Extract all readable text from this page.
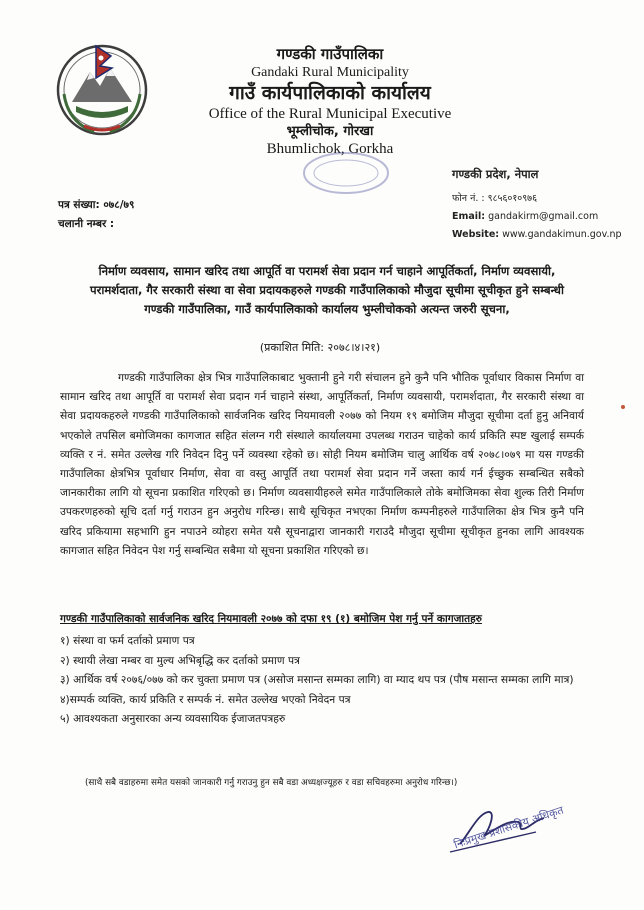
गण्डकी गाउँपालिका
Gandaki Rural Municipality
गाउँ कार्यपालिकाको कार्यालय
Office of the Rural Municipal Executive
भूम्लीचोक, गोरखा
Bhumlichok, Gorkha
गण्डकी प्रदेश, नेपाल
फोन नं. : ९८५६०१०९७६
Email: gandakirm@gmail.com
Website: www.gandakimun.gov.np
पत्र संख्या: ०७८/७९
चलानी नम्बर :
निर्माण व्यवसाय, सामान खरिद तथा आपूर्ति वा परामर्श सेवा प्रदान गर्न चाहाने आपूर्तिकर्ता, निर्माण व्यवसायी, परामर्शदाता, गैर सरकारी संस्था वा सेवा प्रदायकहरुले गण्डकी गाउँपालिकाको मौजुदा सूचीमा सूचीकृत हुने सम्बन्धी गण्डकी गाउँपालिका, गाउँ कार्यपालिकाको कार्यालय भुम्लीचोकको अत्यन्त जरुरी सूचना,
(प्रकाशित मिति: २०७८।४।२१)

गण्डकी गाउँपालिका क्षेत्र भित्र गाउँपालिकाबाट भुक्तानी हुने गरी संचालन हुने कुनै पनि भौतिक पूर्वाधार विकास निर्माण वा सामान खरिद तथा आपूर्ति वा परामर्श सेवा प्रदान गर्न चाहाने संस्था, आपूर्तिकर्ता, निर्माण व्यवसायी, परामर्शदाता, गैर सरकारी संस्था वा सेवा प्रदायकहरुले गण्डकी गाउँपालिकाको सार्वजनिक खरिद नियमावली २०७७ को नियम १९ बमोजिम मौजुदा सूचीमा दर्ता हुनु अनिवार्य भएकोले तपसिल बमोजिमका कागजात सहित संलग्न गरी संस्थाले कार्यालयमा उपलब्ध गराउन चाहेको कार्य प्रकिति स्पष्ट खुलाई सम्पर्क व्यक्ति र नं. समेत उल्लेख गरि निवेदन दिनु पर्ने व्यवस्था रहेको छ। सोही नियम बमोजिम चालु आर्थिक वर्ष २०७८।०७९ मा यस गण्डकी गाउँपालिका क्षेत्रभित्र पूर्वाधार निर्माण, सेवा वा वस्तु आपूर्ति तथा परामर्श सेवा प्रदान गर्ने जस्ता कार्य गर्न ईच्छुक सम्बन्धित सबैको जानकारीका लागि यो सूचना प्रकाशित गरिएको छ। निर्माण व्यवसायीहरुले समेत गाउँपालिकाले तोके बमोजिमका सेवा शुल्क तिरी निर्माण उपकरणहरुको सूचि दर्ता गर्नु गराउन हुन अनुरोध गरिन्छ। साथै सूचिकृत नभएका निर्माण कम्पनीहरुले गाउँपालिका क्षेत्र भित्र कुनै पनि खरिद प्रकियामा सहभागि हुन नपाउने व्योहरा समेत यसै सूचनाद्वारा जानकारी गराउदै मौजुदा सूचीमा सूचीकृत हुनका लागि आवश्यक कागजात सहित निवेदन पेश गर्नु सम्बन्धित सबैमा यो सूचना प्रकाशित गरिएको छ।

गण्डकी गाउँपालिकाको सार्वजनिक खरिद नियमावली २०७७ को दफा १९ (१) बमोजिम पेश गर्नु पर्ने कागजातहरु
१) संस्था वा फर्म दर्ताको प्रमाण पत्र
२) स्थायी लेखा नम्बर वा मुल्य अभिबृद्धि कर दर्ताको प्रमाण पत्र
३) आर्थिक वर्ष २०७६/०७७ को कर चुक्ता प्रमाण पत्र (असोज मसान्त सम्मका लागि) वा म्याद थप पत्र (पौष मसान्त सम्मका लागि मात्र)
४)सम्पर्क व्यक्ति, कार्य प्रकिति र सम्पर्क नं. समेत उल्लेख भएको निवेदन पत्र
५) आवश्यकता अनुसारका अन्य व्यवसायिक ईजाजतपत्रहरु
(साथै सबै वडाहरुमा समेत यसको जानकारी गर्नु गराउनु हुन सबै वडा अध्यक्षज्यूहरु र वडा सचिवहरुमा अनुरोध गरिन्छ।)
निःप्रमुख प्रशासकीय अधिकृत
